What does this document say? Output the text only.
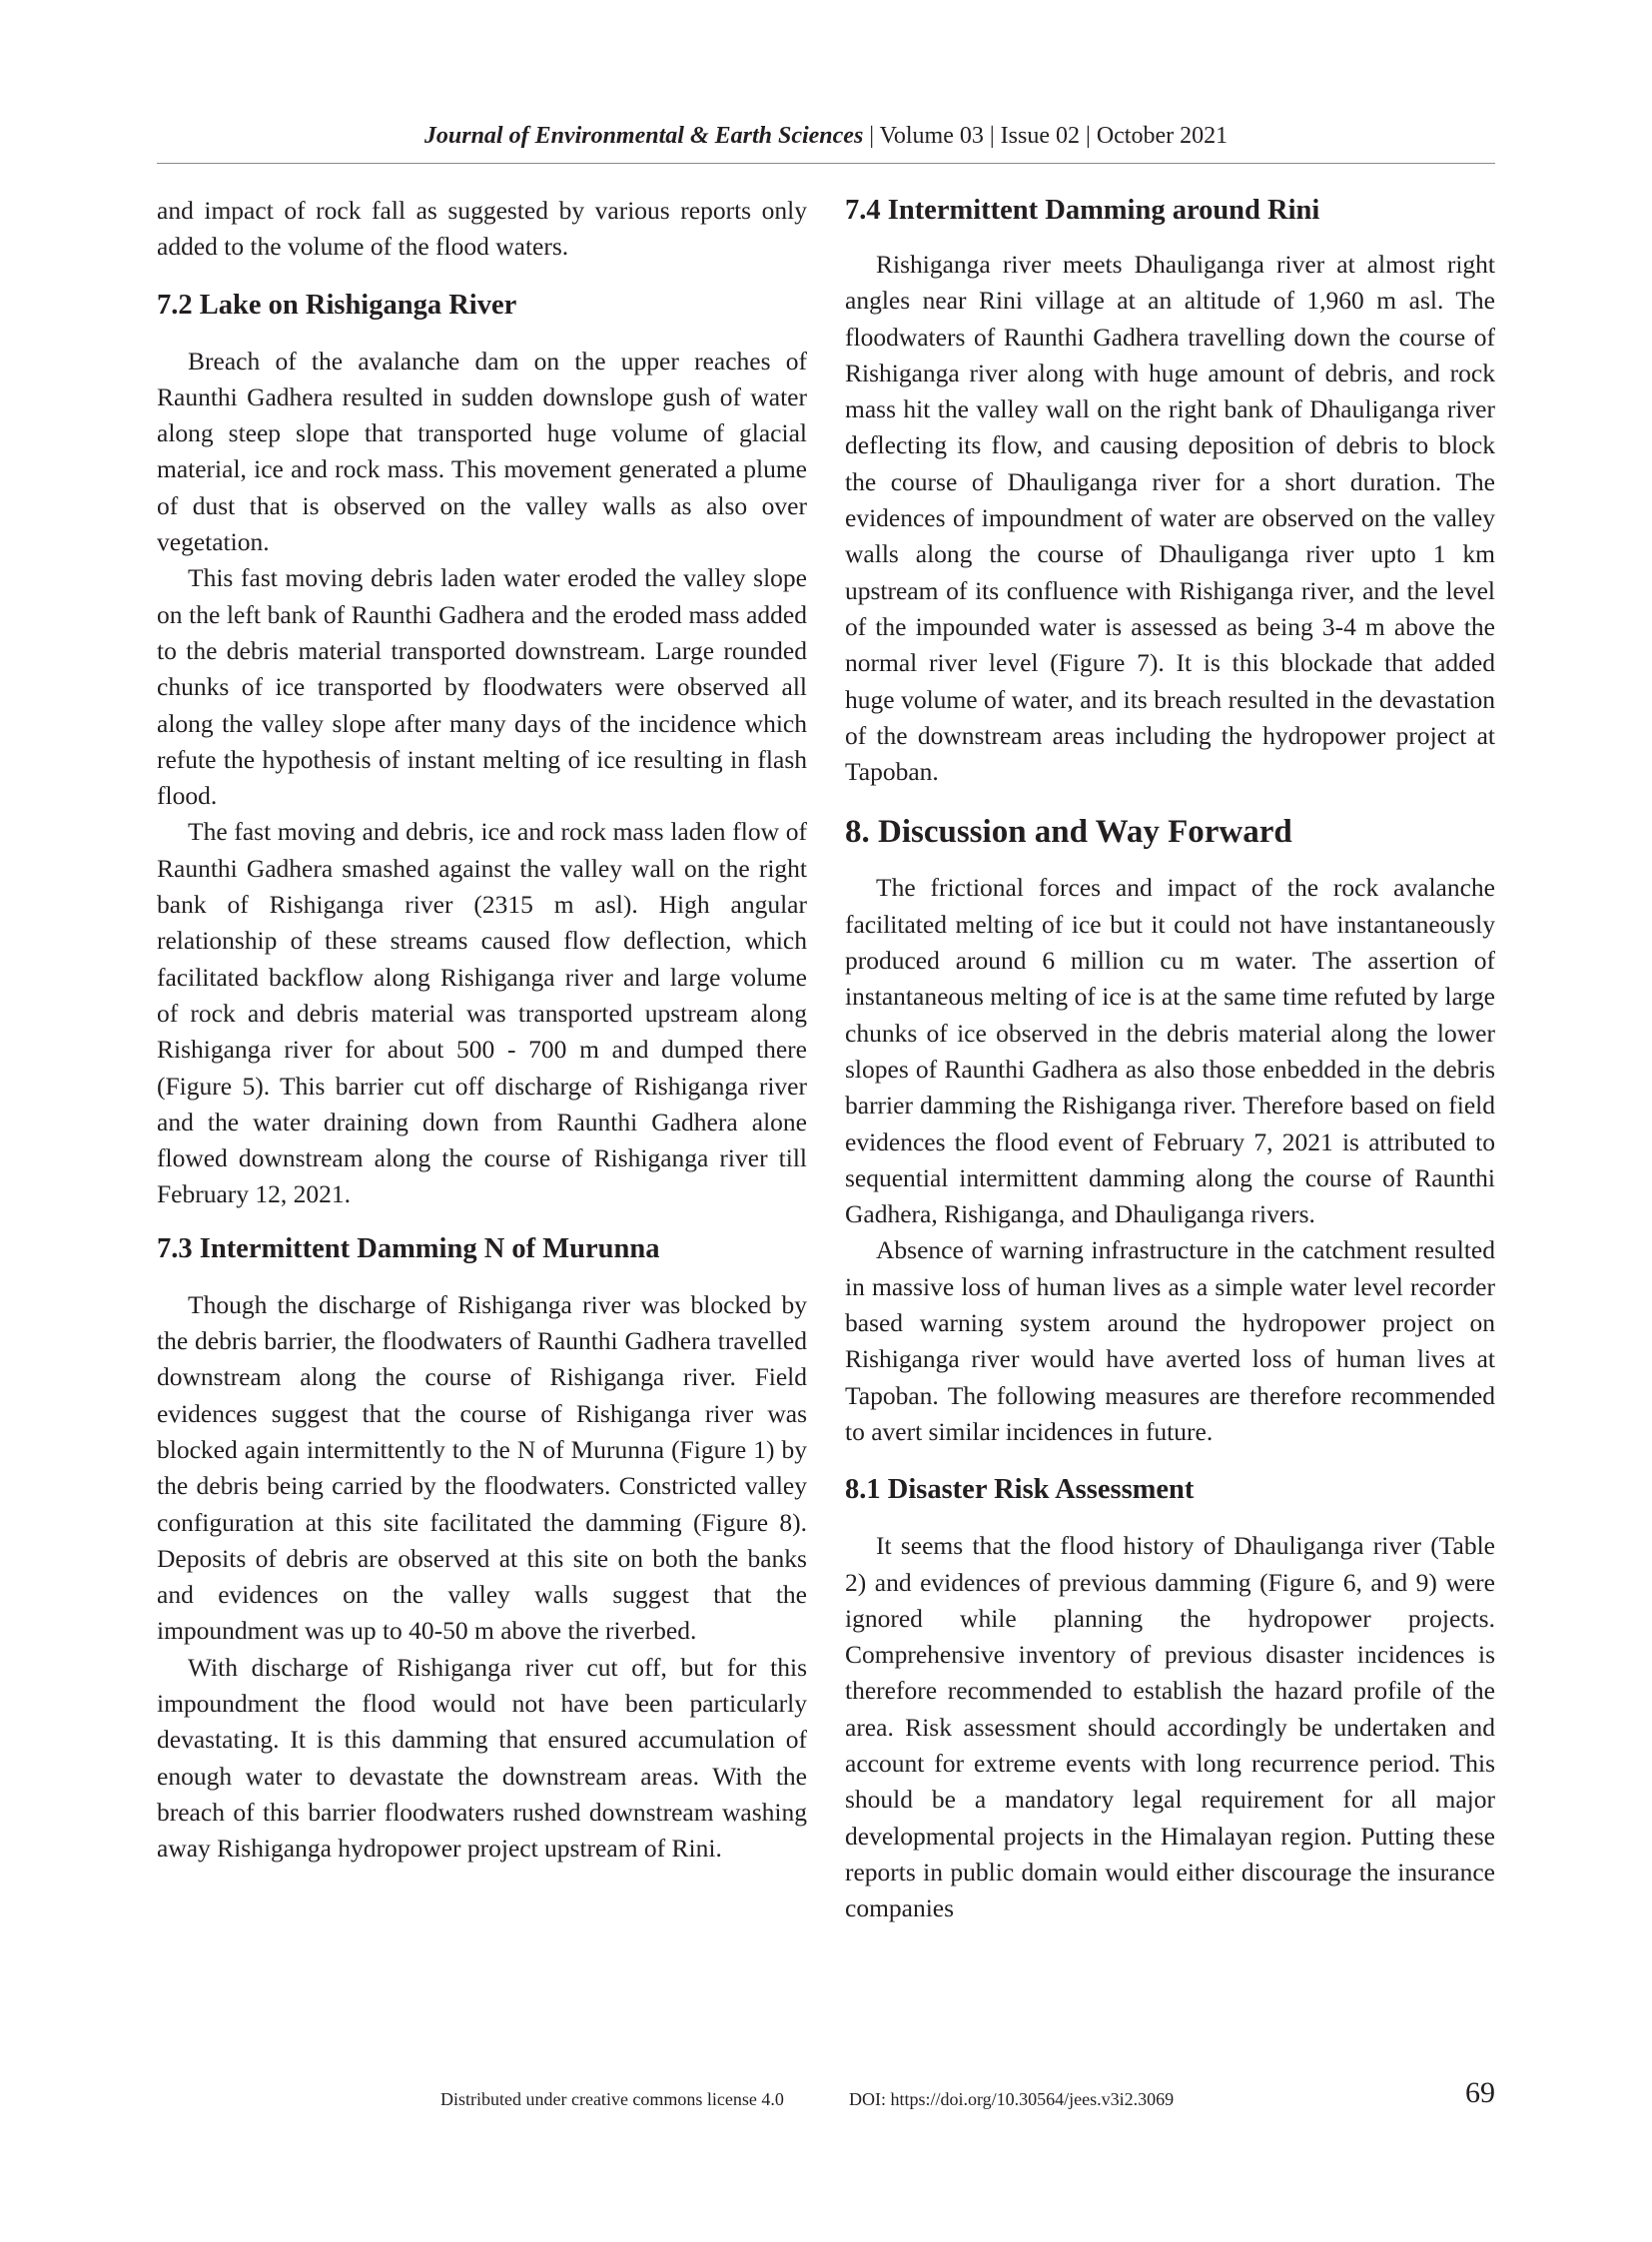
Journal of Environmental & Earth Sciences | Volume 03 | Issue 02 | October 2021

and impact of rock fall as suggested by various reports only added to the volume of the flood waters.

7.2 Lake on Rishiganga River

Breach of the avalanche dam on the upper reaches of Raunthi Gadhera resulted in sudden downslope gush of water along steep slope that transported huge volume of glacial material, ice and rock mass. This movement generated a plume of dust that is observed on the valley walls as also over vegetation.

This fast moving debris laden water eroded the valley slope on the left bank of Raunthi Gadhera and the eroded mass added to the debris material transported downstream. Large rounded chunks of ice transported by floodwaters were observed all along the valley slope after many days of the incidence which refute the hypothesis of instant melting of ice resulting in flash flood.

The fast moving and debris, ice and rock mass laden flow of Raunthi Gadhera smashed against the valley wall on the right bank of Rishiganga river (2315 m asl). High angular relationship of these streams caused flow deflection, which facilitated backflow along Rishiganga river and large volume of rock and debris material was transported upstream along Rishiganga river for about 500 - 700 m and dumped there (Figure 5). This barrier cut off discharge of Rishiganga river and the water draining down from Raunthi Gadhera alone flowed downstream along the course of Rishiganga river till February 12, 2021.

7.3 Intermittent Damming N of Murunna

Though the discharge of Rishiganga river was blocked by the debris barrier, the floodwaters of Raunthi Gadhera travelled downstream along the course of Rishiganga river. Field evidences suggest that the course of Rishiganga river was blocked again intermittently to the N of Murunna (Figure 1) by the debris being carried by the floodwaters. Constricted valley configuration at this site facilitated the damming (Figure 8). Deposits of debris are observed at this site on both the banks and evidences on the valley walls suggest that the impoundment was up to 40-50 m above the riverbed.

With discharge of Rishiganga river cut off, but for this impoundment the flood would not have been particularly devastating. It is this damming that ensured accumulation of enough water to devastate the downstream areas. With the breach of this barrier floodwaters rushed downstream washing away Rishiganga hydropower project upstream of Rini.

7.4 Intermittent Damming around Rini

Rishiganga river meets Dhauliganga river at almost right angles near Rini village at an altitude of 1,960 m asl. The floodwaters of Raunthi Gadhera travelling down the course of Rishiganga river along with huge amount of debris, and rock mass hit the valley wall on the right bank of Dhauliganga river deflecting its flow, and causing deposition of debris to block the course of Dhauliganga river for a short duration. The evidences of impoundment of water are observed on the valley walls along the course of Dhauliganga river upto 1 km upstream of its confluence with Rishiganga river, and the level of the impounded water is assessed as being 3-4 m above the normal river level (Figure 7). It is this blockade that added huge volume of water, and its breach resulted in the devastation of the downstream areas including the hydropower project at Tapoban.

8. Discussion and Way Forward

The frictional forces and impact of the rock avalanche facilitated melting of ice but it could not have instantaneously produced around 6 million cu m water. The assertion of instantaneous melting of ice is at the same time refuted by large chunks of ice observed in the debris material along the lower slopes of Raunthi Gadhera as also those enbedded in the debris barrier damming the Rishiganga river. Therefore based on field evidences the flood event of February 7, 2021 is attributed to sequential intermittent damming along the course of Raunthi Gadhera, Rishiganga, and Dhauliganga rivers.

Absence of warning infrastructure in the catchment resulted in massive loss of human lives as a simple water level recorder based warning system around the hydropower project on Rishiganga river would have averted loss of human lives at Tapoban. The following measures are therefore recommended to avert similar incidences in future.

8.1 Disaster Risk Assessment

It seems that the flood history of Dhauliganga river (Table 2) and evidences of previous damming (Figure 6, and 9) were ignored while planning the hydropower projects. Comprehensive inventory of previous disaster incidences is therefore recommended to establish the hazard profile of the area. Risk assessment should accordingly be undertaken and account for extreme events with long recurrence period. This should be a mandatory legal requirement for all major developmental projects in the Himalayan region. Putting these reports in public domain would either discourage the insurance companies

Distributed under creative commons license 4.0	DOI: https://doi.org/10.30564/jees.v3i2.3069	69
